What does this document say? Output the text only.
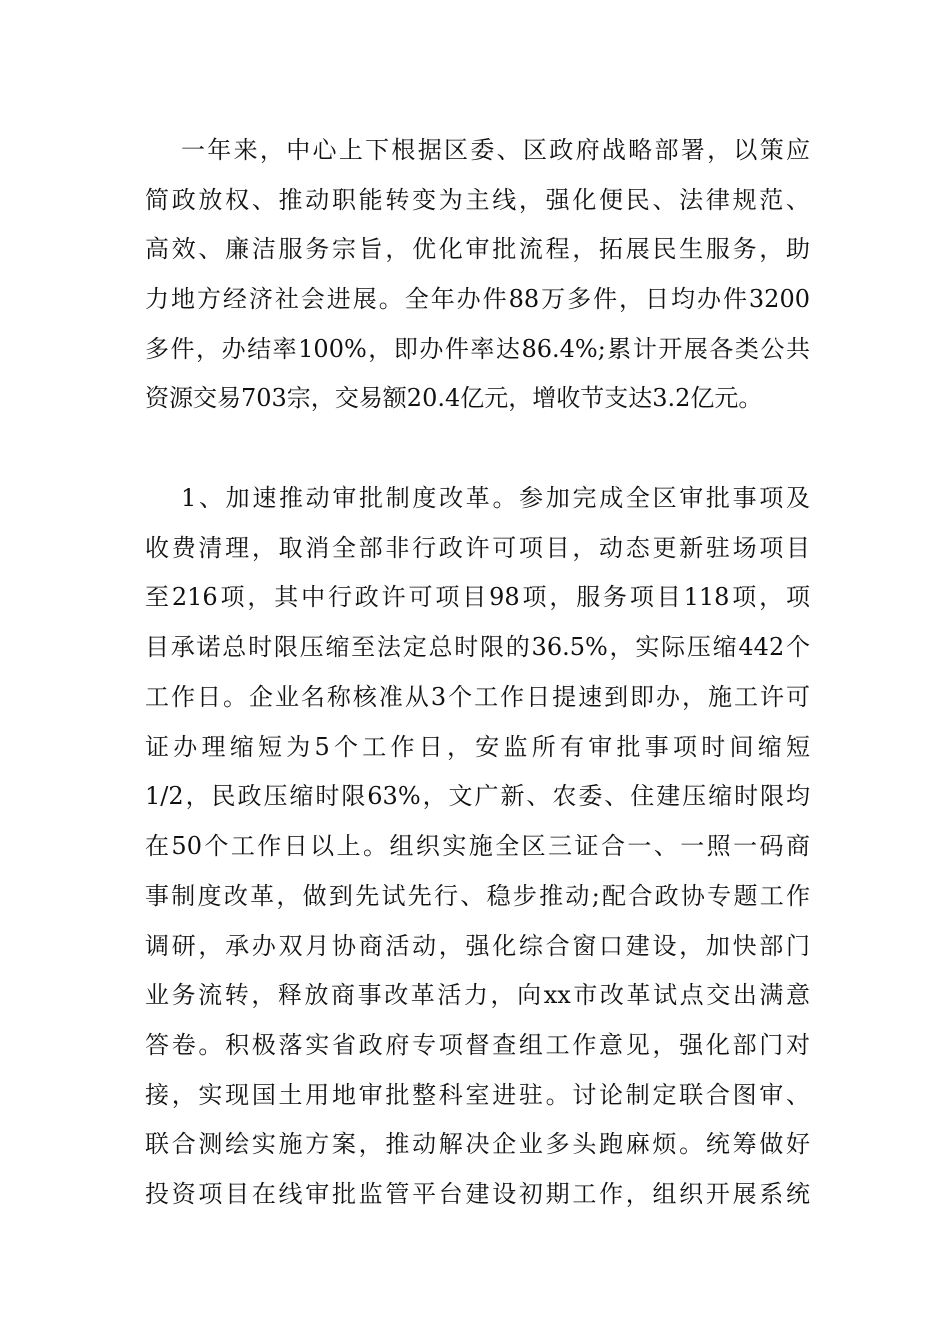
一年来，中心上下根据区委、区政府战略部署，以策应
简政放权、推动职能转变为主线，强化便民、法律规范、
高效、廉洁服务宗旨，优化审批流程，拓展民生服务，助
力地方经济社会进展。全年办件88万多件，日均办件3200
多件，办结率100%，即办件率达86.4%;累计开展各类公共
资源交易703宗，交易额20.4亿元，增收节支达3.2亿元。
1、加速推动审批制度改革。参加完成全区审批事项及
收费清理，取消全部非行政许可项目，动态更新驻场项目
至216项，其中行政许可项目98项，服务项目118项，项
目承诺总时限压缩至法定总时限的36.5%，实际压缩442个
工作日。企业名称核准从3个工作日提速到即办，施工许可
证办理缩短为5个工作日，安监所有审批事项时间缩短
1/2，民政压缩时限63%，文广新、农委、住建压缩时限均
在50个工作日以上。组织实施全区三证合一、一照一码商
事制度改革，做到先试先行、稳步推动;配合政协专题工作
调研，承办双月协商活动，强化综合窗口建设，加快部门
业务流转，释放商事改革活力，向xx市改革试点交出满意
答卷。积极落实省政府专项督查组工作意见，强化部门对
接，实现国土用地审批整科室进驻。讨论制定联合图审、
联合测绘实施方案，推动解决企业多头跑麻烦。统筹做好
投资项目在线审批监管平台建设初期工作，组织开展系统
